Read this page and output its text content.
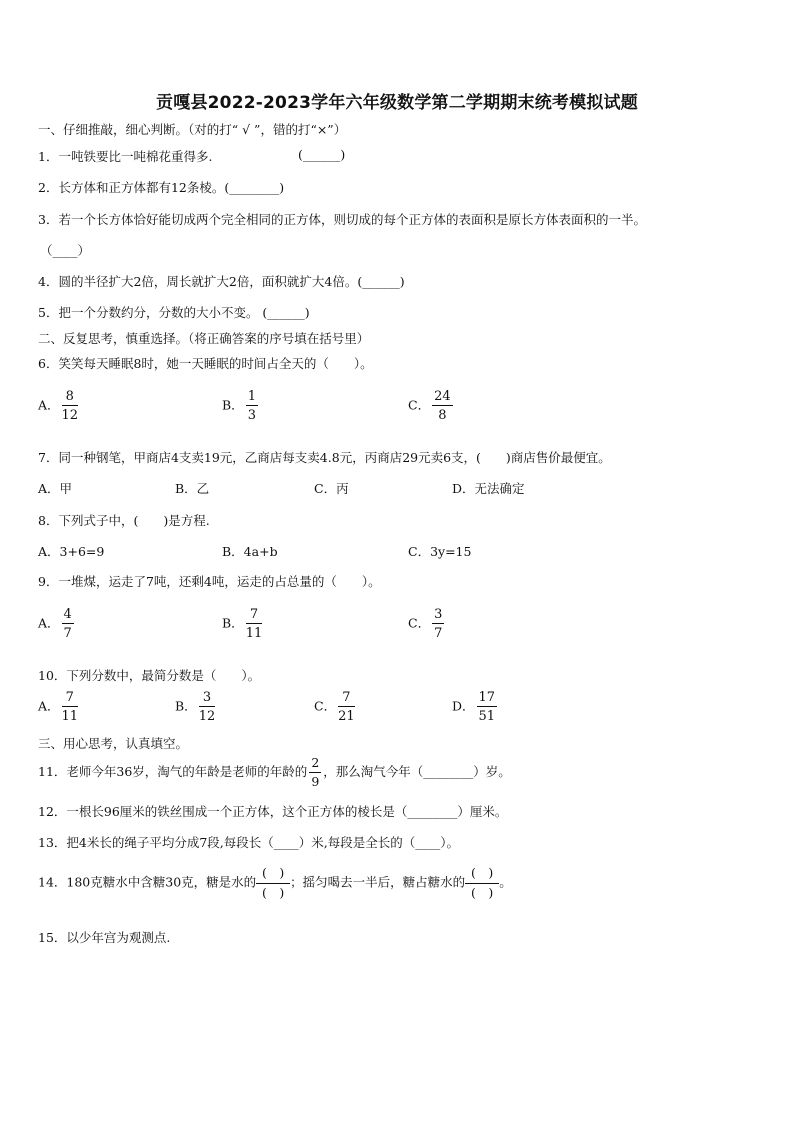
贡嘎县2022-2023学年六年级数学第二学期期末统考模拟试题
一、仔细推敲，细心判断。（对的打“ √ ”，错的打“×”）
1．一吨铁要比一吨棉花重得多.	(______)
2．长方体和正方体都有12条棱。(________)
3．若一个长方体恰好能切成两个完全相同的正方体，则切成的每个正方体的表面积是原长方体表面积的一半。
（____）
4．圆的半径扩大2倍，周长就扩大2倍，面积就扩大4倍。(______)
5．把一个分数约分，分数的大小不变。 (______)
二、反复思考，慎重选择。（将正确答案的序号填在括号里）
6．笑笑每天睡眠8时，她一天睡眠的时间占全天的（　　）。
A． $\frac{8}{12}$	B． $\frac{1}{3}$	C． $\frac{24}{8}$
7．同一种钢笔，甲商店4支卖19元，乙商店每支卖4.8元，丙商店29元卖6支，(　　)商店售价最便宜。
A．甲	B．乙	C．丙	D．无法确定
8．下列式子中，(　　)是方程.
A．3+6=9	B．4a+b	C．3y=15
9．一堆煤，运走了7吨，还剩4吨，运走的占总量的（　　）。
A． $\frac{4}{7}$	B． $\frac{7}{11}$	C． $\frac{3}{7}$
10．下列分数中，最简分数是（　　）。
A． $\frac{7}{11}$	B． $\frac{3}{12}$	C． $\frac{7}{21}$	D． $\frac{17}{51}$
三、用心思考，认真填空。
11．老师今年36岁，淘气的年龄是老师的年龄的 $\frac{2}{9}$ ，那么淘气今年（________）岁。
12．一根长96厘米的铁丝围成一个正方体，这个正方体的棱长是（________）厘米。
13．把4米长的绳子平均分成7段,每段长（____）米,每段是全长的（____）。
14．180克糖水中含糖30克，糖是水的 $\frac{( )}{( )}$ ；摇匀喝去一半后，糖占糖水的 $\frac{( )}{( )}$ 。
15．以少年宫为观测点.
